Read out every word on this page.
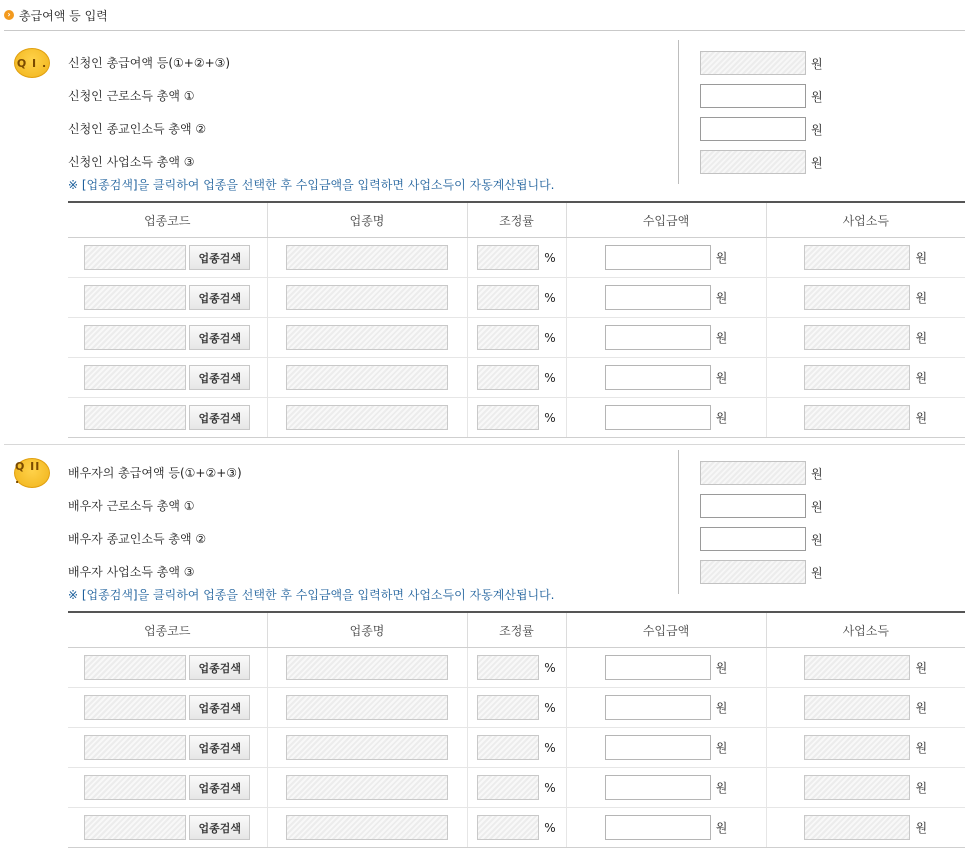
› 총급여액 등 입력
Q I . 신청인 총급여액 등(①+②+③)	원
신청인 근로소득 총액 ①	원
신청인 종교인소득 총액 ②	원
신청인 사업소득 총액 ③	원
※ [업종검색]을 클릭하여 업종을 선택한 후 수입금액을 입력하면 사업소득이 자동계산됩니다.
업종코드	업종명	조정률	수입금액	사업소득

업종검색		%	원	원

업종검색		%	원	원

업종검색		%	원	원

업종검색		%	원	원

업종검색		%	원	원
Q II .	배우자의 총급여액 등(①+②+③)	원
배우자 근로소득 총액 ①	원
배우자 종교인소득 총액 ②	원
배우자 사업소득 총액 ③	원
※ [업종검색]을 클릭하여 업종을 선택한 후 수입금액을 입력하면 사업소득이 자동계산됩니다.
업종코드	업종명	조정률	수입금액	사업소득

업종검색		%	원	원

업종검색		%	원	원

업종검색		%	원	원

업종검색		%	원	원

업종검색		%	원	원
